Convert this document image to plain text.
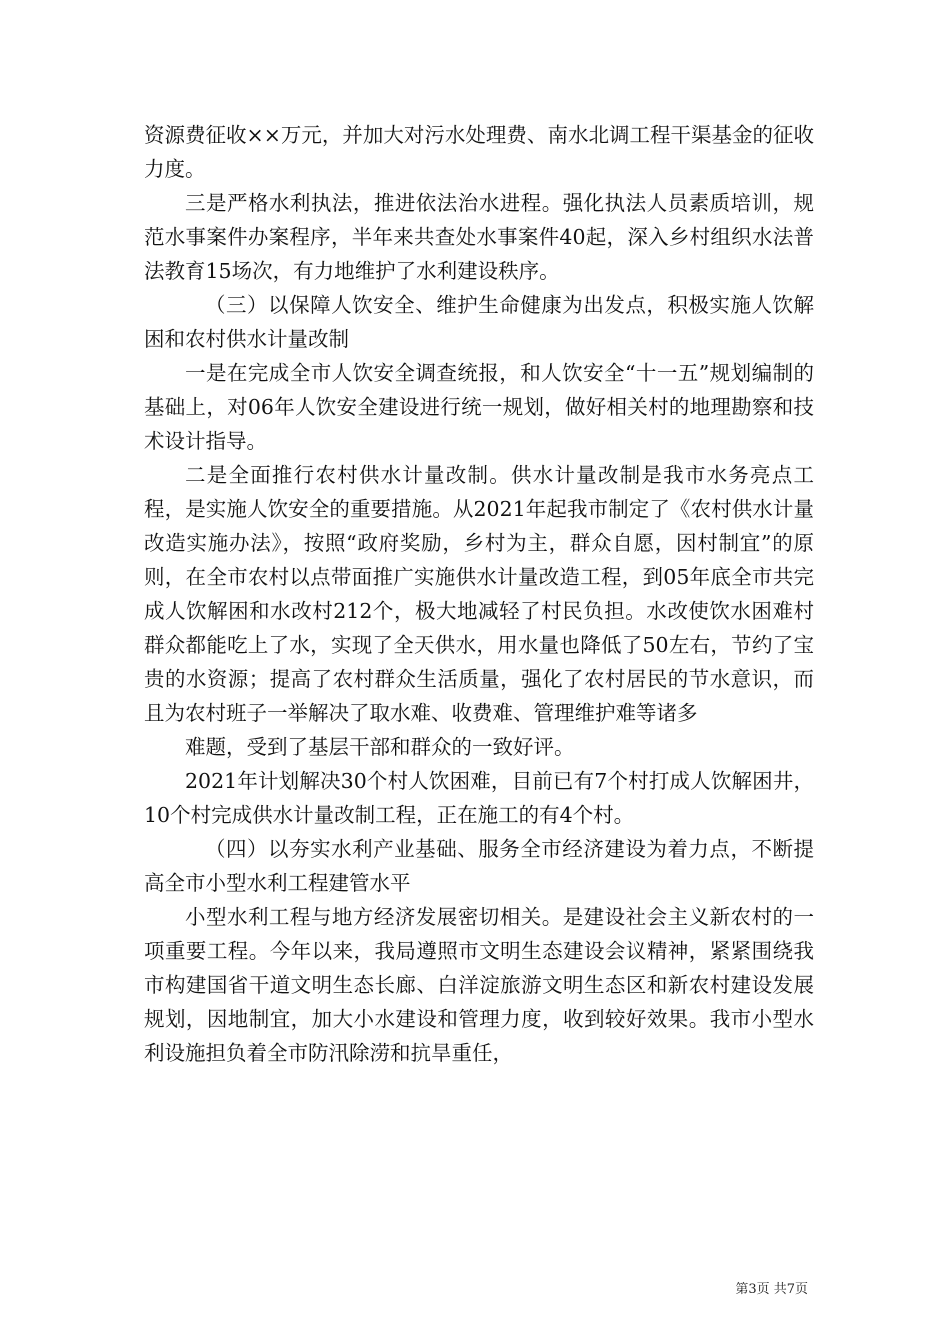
资源费征收××万元，并加大对污水处理费、南水北调工程干渠基金的征收力度。

三是严格水利执法，推进依法治水进程。强化执法人员素质培训，规范水事案件办案程序，半年来共查处水事案件40起，深入乡村组织水法普法教育15场次，有力地维护了水利建设秩序。

（三）以保障人饮安全、维护生命健康为出发点，积极实施人饮解困和农村供水计量改制

一是在完成全市人饮安全调查统报，和人饮安全“十一五”规划编制的基础上，对06年人饮安全建设进行统一规划，做好相关村的地理勘察和技术设计指导。

二是全面推行农村供水计量改制。供水计量改制是我市水务亮点工程，是实施人饮安全的重要措施。从2021年起我市制定了《农村供水计量改造实施办法》，按照“政府奖励，乡村为主，群众自愿，因村制宜”的原则，在全市农村以点带面推广实施供水计量改造工程，到05年底全市共完成人饮解困和水改村212个，极大地减轻了村民负担。水改使饮水困难村群众都能吃上了水，实现了全天供水，用水量也降低了50左右，节约了宝贵的水资源；提高了农村群众生活质量，强化了农村居民的节水意识，而且为农村班子一举解决了取水难、收费难、管理维护难等诸多

难题，受到了基层干部和群众的一致好评。

2021年计划解决30个村人饮困难，目前已有7个村打成人饮解困井，10个村完成供水计量改制工程，正在施工的有4个村。

（四）以夯实水利产业基础、服务全市经济建设为着力点，不断提高全市小型水利工程建管水平

小型水利工程与地方经济发展密切相关。是建设社会主义新农村的一项重要工程。今年以来，我局遵照市文明生态建设会议精神，紧紧围绕我市构建国省干道文明生态长廊、白洋淀旅游文明生态区和新农村建设发展规划，因地制宜，加大小水建设和管理力度，收到较好效果。我市小型水利设施担负着全市防汛除涝和抗旱重任，

第3页 共7页
